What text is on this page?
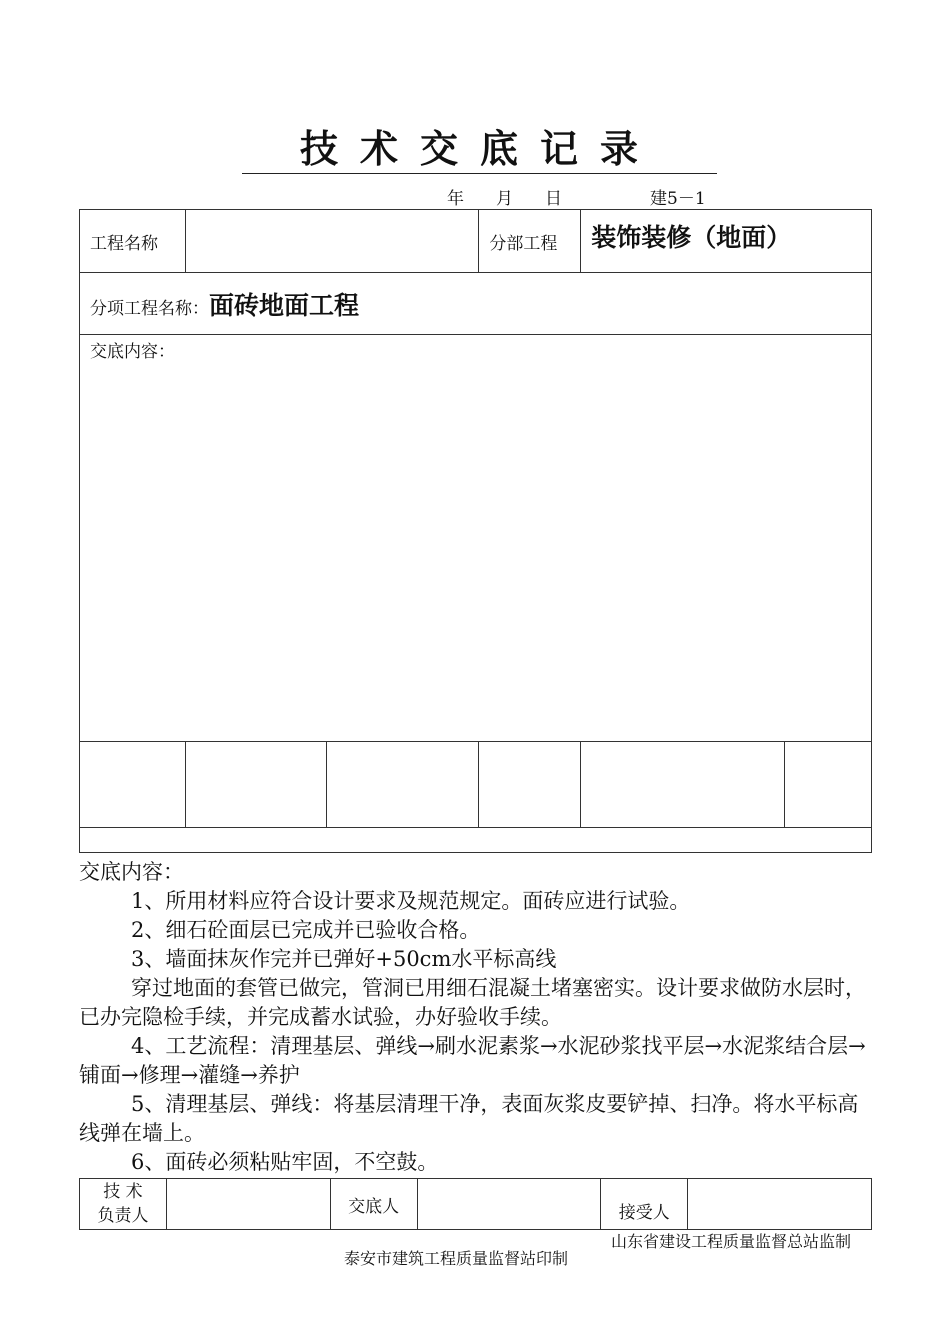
技术交底记录
年 月 日	建5－1
工程名称			分部工程	装饰装修（地面）	
分项工程名称：面砖地面工程					

交底内容：

交底内容：

1、所用材料应符合设计要求及规范规定。面砖应进行试验。

2、细石砼面层已完成并已验收合格。

3、墙面抹灰作完并已弹好+50cm水平标高线

穿过地面的套管已做完，管洞已用细石混凝土堵塞密实。设计要求做防水层时，已办完隐检手续，并完成蓄水试验，办好验收手续。

4、工艺流程：清理基层、弹线→刷水泥素浆→水泥砂浆找平层→水泥浆结合层→铺面→修理→灌缝→养护

5、清理基层、弹线：将基层清理干净，表面灰浆皮要铲掉、扫净。将水平标高线弹在墙上。

6、面砖必须粘贴牢固，不空鼓。

技 术
负责人		交底人		接受人	
山东省建设工程质量监督总站监制
泰安市建筑工程质量监督站印制
